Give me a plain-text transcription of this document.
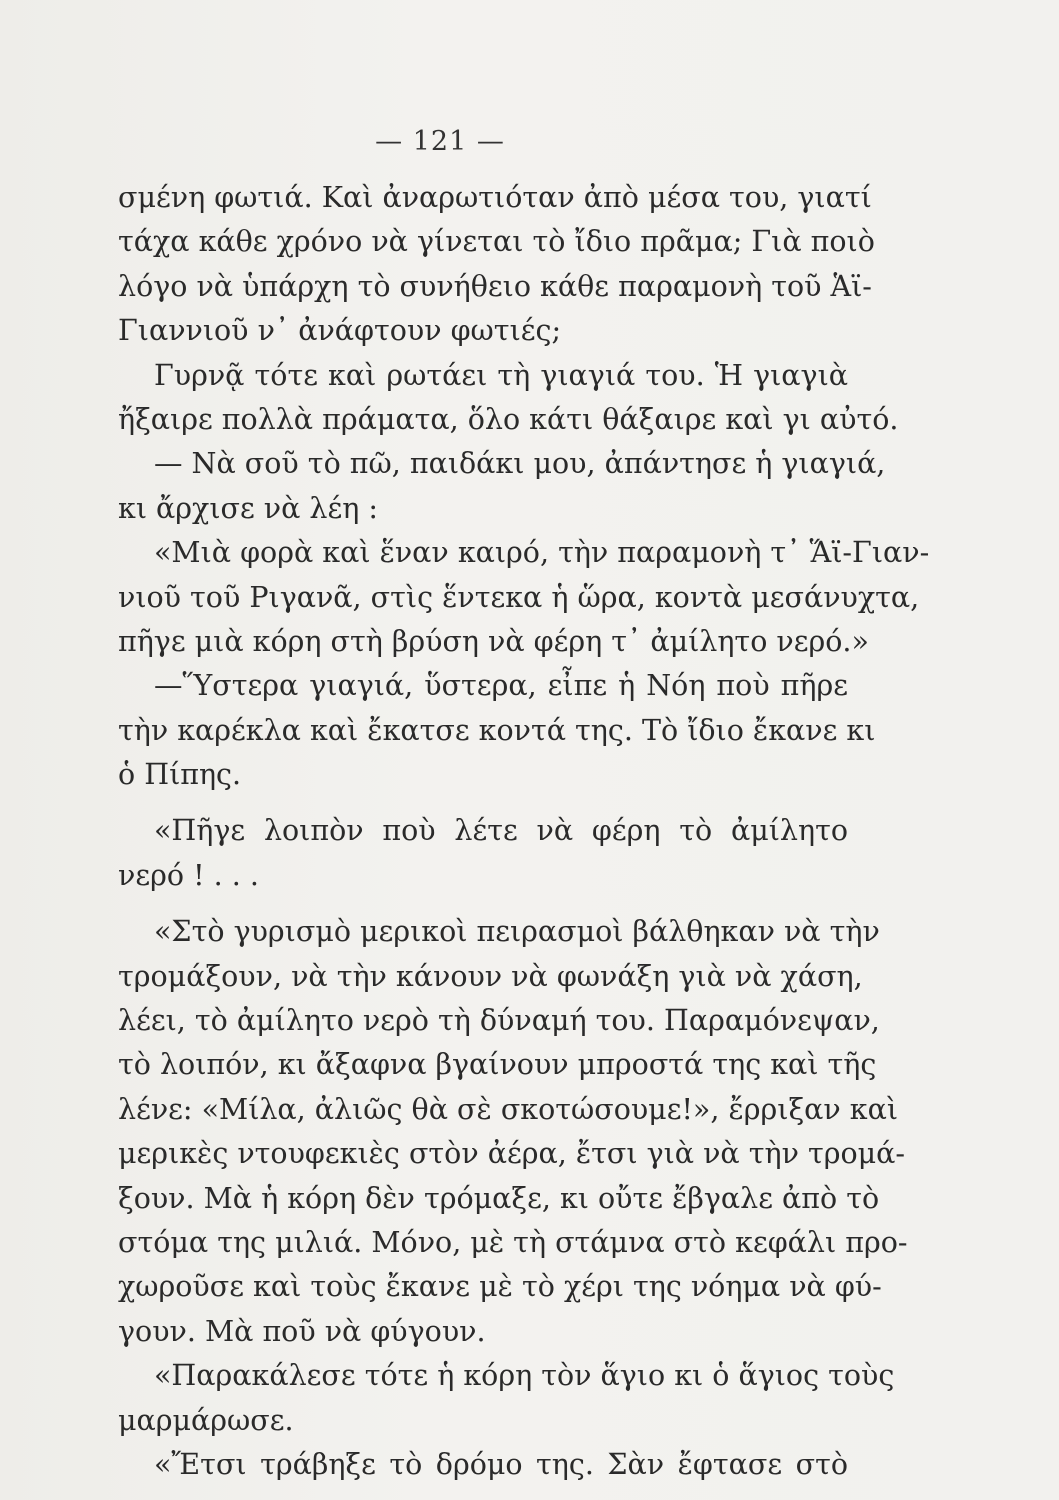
— 121 —
σμένη φωτιά. Καὶ ἀναρωτιόταν ἀπὸ μέσα του, γιατί
τάχα κάθε χρόνο νὰ γίνεται τὸ ἴδιο πρᾶμα; Γιὰ ποιὸ
λόγο νὰ ὑπάρχη τὸ συνήθειο κάθε παραμονὴ τοῦ Ἁϊ-
Γιαννιοῦ ν᾽ ἀνάφτουν φωτιές;
Γυρνᾷ τότε καὶ ρωτάει τὴ γιαγιά του. Ἡ γιαγιὰ
ἤξαιρε πολλὰ πράματα, ὅλο κάτι θάξαιρε καὶ γι αὐτό.
— Νὰ σοῦ τὸ πῶ, παιδάκι μου, ἀπάντησε ἡ γιαγιά,
κι ἄρχισε νὰ λέη :
«Μιὰ φορὰ καὶ ἕναν καιρό, τὴν παραμονὴ τ᾽ Ἅϊ-Γιαν-
νιοῦ τοῦ Ριγανᾶ, στὶς ἕντεκα ἡ ὥρα, κοντὰ μεσάνυχτα,
πῆγε μιὰ κόρη στὴ βρύση νὰ φέρη τ᾽ ἀμίλητο νερό.»
—Ὕστερα γιαγιά, ὕστερα, εἶπε ἡ Νόη ποὺ πῆρε
τὴν καρέκλα καὶ ἔκατσε κοντά της. Τὸ ἴδιο ἔκανε κι
ὁ Πίπης.
«Πῆγε λοιπὸν ποὺ λέτε νὰ φέρη τὸ ἀμίλητο
νερό ! . . .
«Στὸ γυρισμὸ μερικοὶ πειρασμοὶ βάλθηκαν νὰ τὴν
τρομάξουν, νὰ τὴν κάνουν νὰ φωνάξη γιὰ νὰ χάση,
λέει, τὸ ἀμίλητο νερὸ τὴ δύναμή του. Παραμόνεψαν,
τὸ λοιπόν, κι ἄξαφνα βγαίνουν μπροστά της καὶ τῆς
λένε: «Μίλα, ἀλιῶς θὰ σὲ σκοτώσουμε!», ἔρριξαν καὶ
μερικὲς ντουφεκιὲς στὸν ἀέρα, ἔτσι γιὰ νὰ τὴν τρομά-
ξουν. Μὰ ἡ κόρη δὲν τρόμαξε, κι οὔτε ἔβγαλε ἀπὸ τὸ
στόμα της μιλιά. Μόνο, μὲ τὴ στάμνα στὸ κεφάλι προ-
χωροῦσε καὶ τοὺς ἔκανε μὲ τὸ χέρι της νόημα νὰ φύ-
γουν. Μὰ ποῦ νὰ φύγουν.
«Παρακάλεσε τότε ἡ κόρη τὸν ἅγιο κι ὁ ἅγιος τοὺς
μαρμάρωσε.
«Ἔτσι τράβηξε τὸ δρόμο της. Σὰν ἔφτασε στὸ
